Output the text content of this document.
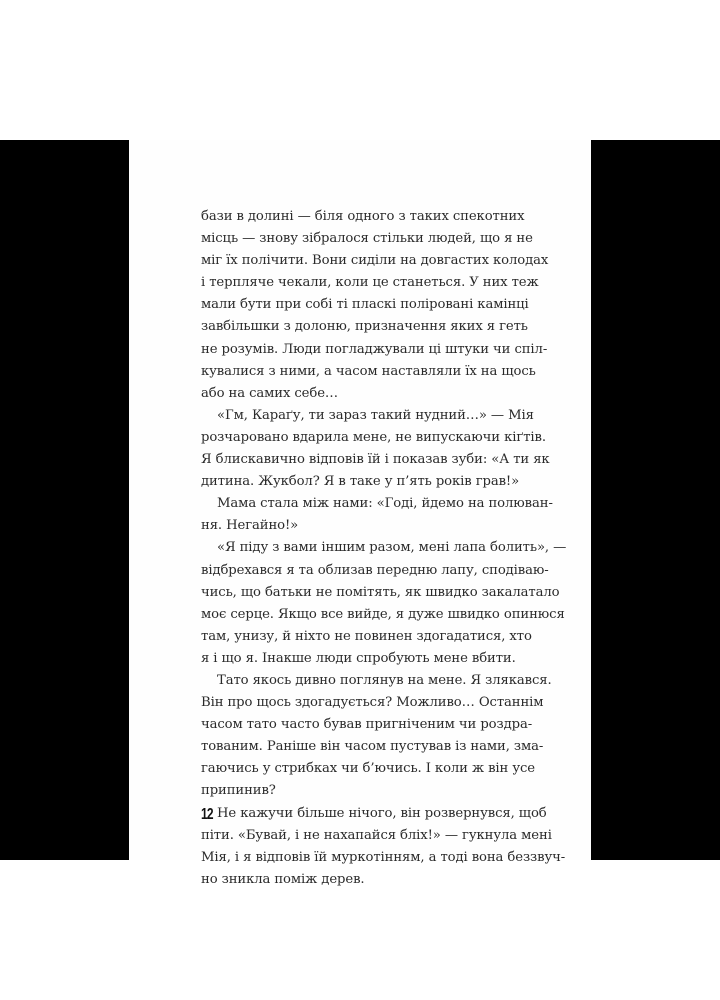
бази в долині — біля одного з таких спекотних
місць — знову зібралося стільки людей, що я не
міг їх полічити. Вони сиділи на довгастих колодах
і терпляче чекали, коли це станеться. У них теж
мали бути при собі ті пласкі поліровані камінці
завбільшки з долоню, призначення яких я геть
не розумів. Люди погладжували ці штуки чи спіл-
кувалися з ними, а часом наставляли їх на щось
або на самих себе…
«Гм, Караґу, ти зараз такий нудний…» — Мія
розчаровано вдарила мене, не випускаючи кіґтів.
Я блискавично відповів їй і показав зуби: «А ти як
дитина. Жукбол? Я в таке у п’ять років грав!»
Мама стала між нами: «Годі, йдемо на полюван-
ня. Негайно!»
«Я піду з вами іншим разом, мені лапа болить», —
відбрехався я та облизав передню лапу, сподіваю-
чись, що батьки не помітять, як швидко закалатало
моє серце. Якщо все вийде, я дуже швидко опинюся
там, унизу, й ніхто не повинен здогадатися, хто
я і що я. Інакше люди спробують мене вбити.
Тато якось дивно поглянув на мене. Я злякався.
Він про щось здогадується? Можливо… Останнім
часом тато часто бував пригніченим чи роздра-
тованим. Раніше він часом пустував із нами, зма-
гаючись у стрибках чи б’ючись. І коли ж він усе
припинив?
Не кажучи більше нічого, він розвернувся, щоб
піти. «Бувай, і не нахапайся бліх!» — гукнула мені
Мія, і я відповів їй муркотінням, а тоді вона беззвуч-
но зникла поміж дерев.
12
